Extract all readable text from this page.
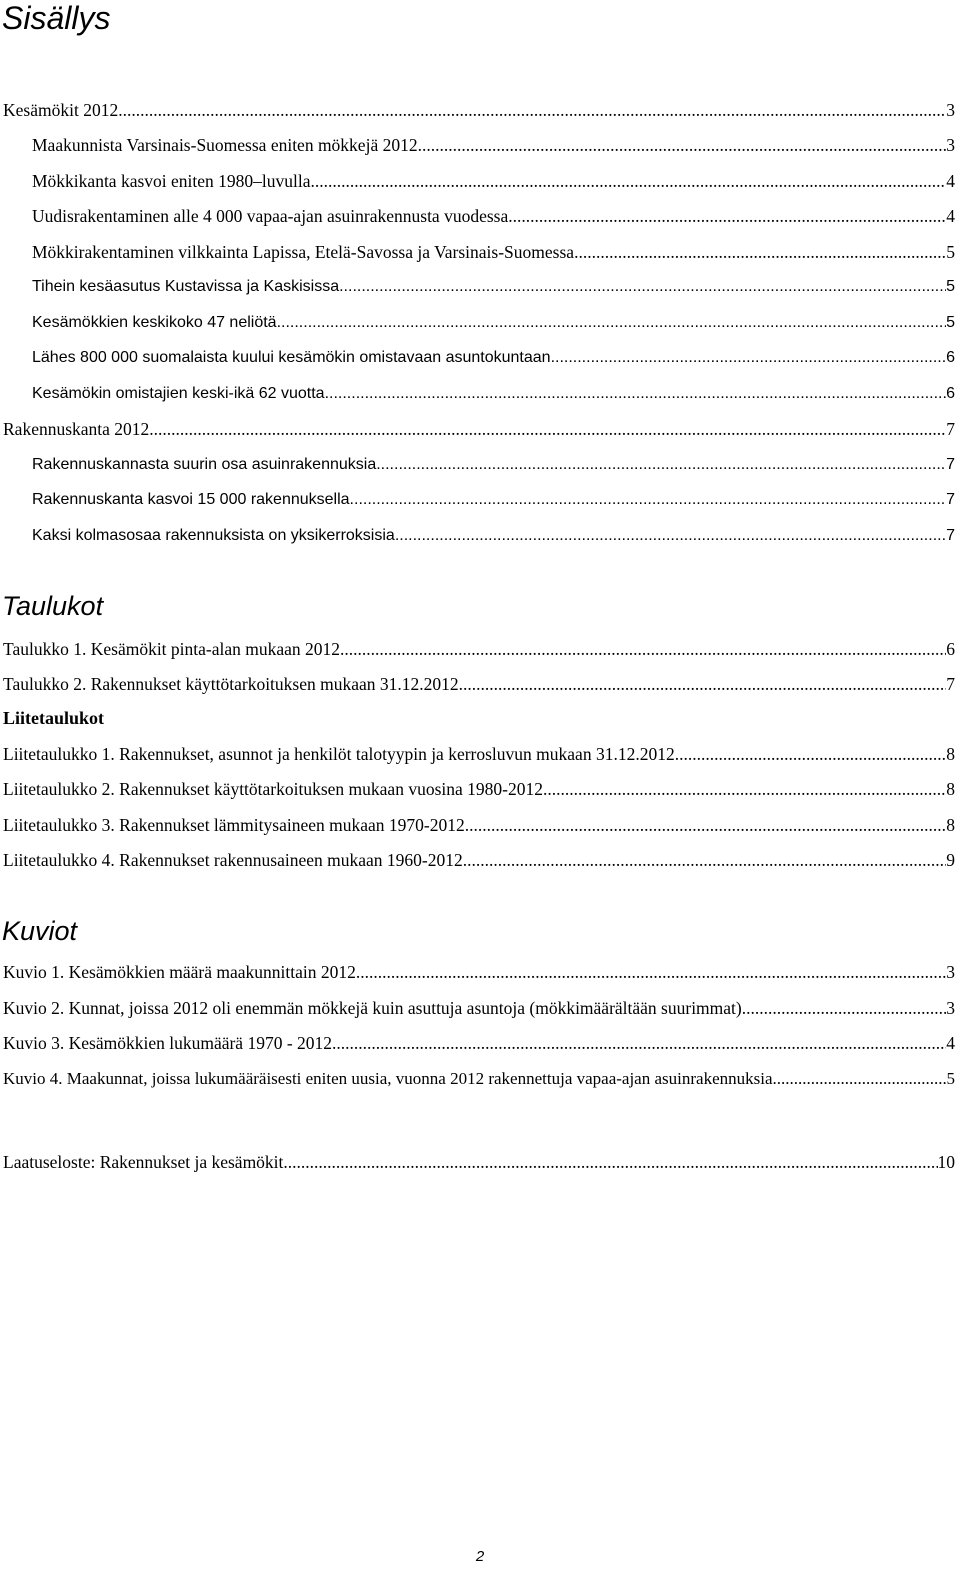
Sisällys
Kesämökit 2012 .....	3
Maakunnista Varsinais-Suomessa eniten mökkejä 2012 .....	3
Mökkikanta kasvoi eniten 1980–luvulla .....	4
Uudisrakentaminen alle 4 000 vapaa-ajan asuinrakennusta vuodessa .....	4
Mökkirakentaminen vilkkainta Lapissa, Etelä-Savossa ja Varsinais-Suomessa .....	5
Tihein kesäasutus Kustavissa ja Kaskisissa .....	5
Kesämökkien keskikoko 47 neliötä .....	5
Lähes 800 000 suomalaista kuului kesämökin omistavaan asuntokuntaan .....	6
Kesämökin omistajien keski-ikä 62 vuotta .....	6
Rakennuskanta 2012 .....	7
Rakennuskannasta suurin osa asuinrakennuksia .....	7
Rakennuskanta kasvoi 15 000 rakennuksella .....	7
Kaksi kolmasosaa rakennuksista on yksikerroksisia .....	7
Taulukot
Taulukko 1. Kesämökit pinta-alan mukaan 2012 .....	6
Taulukko 2. Rakennukset käyttötarkoituksen mukaan 31.12.2012 .....	7
Liitetaulukot
Liitetaulukko 1. Rakennukset, asunnot ja henkilöt talotyypin ja kerrosluvun mukaan 31.12.2012 .....	8
Liitetaulukko 2. Rakennukset käyttötarkoituksen mukaan vuosina 1980-2012 .....	8
Liitetaulukko 3. Rakennukset lämmitysaineen mukaan 1970-2012 .....	8
Liitetaulukko 4. Rakennukset rakennusaineen mukaan 1960-2012 .....	9
Kuviot
Kuvio 1. Kesämökkien määrä maakunnittain 2012 .....	3
Kuvio 2. Kunnat, joissa 2012 oli enemmän mökkejä kuin asuttuja asuntoja (mökkimäärältään suurimmat) .....	3
Kuvio 3. Kesämökkien lukumäärä 1970 - 2012 .....	4
Kuvio 4. Maakunnat, joissa lukumääräisesti eniten uusia, vuonna 2012 rakennettuja vapaa-ajan asuinrakennuksia .....	5
Laatuseloste: Rakennukset ja kesämökit .....	10
2
